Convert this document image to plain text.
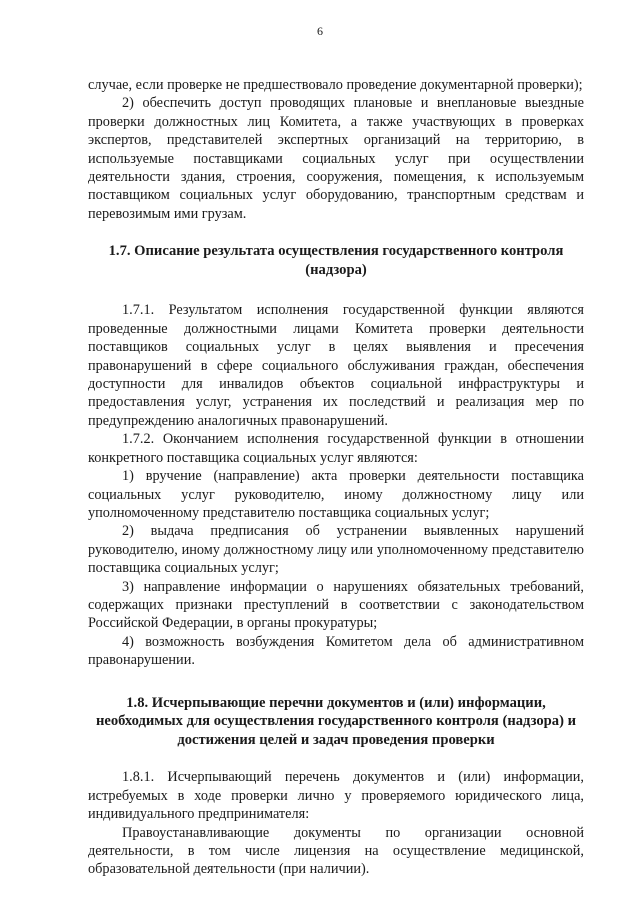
6

случае, если проверке не предшествовало проведение документарной проверки);

2) обеспечить доступ проводящих плановые и внеплановые выездные проверки должностных лиц Комитета, а также участвующих в проверках экспертов, представителей экспертных организаций на территорию, в используемые поставщиками социальных услуг при осуществлении деятельности здания, строения, сооружения, помещения, к используемым поставщиком социальных услуг оборудованию, транспортным средствам и перевозимым ими грузам.

1.7. Описание результата осуществления государственного контроля (надзора)

1.7.1. Результатом исполнения государственной функции являются проведенные должностными лицами Комитета проверки деятельности поставщиков социальных услуг в целях выявления и пресечения правонарушений в сфере социального обслуживания граждан, обеспечения доступности для инвалидов объектов социальной инфраструктуры и предоставления услуг, устранения их последствий и реализация мер по предупреждению аналогичных правонарушений.

1.7.2. Окончанием исполнения государственной функции в отношении конкретного поставщика социальных услуг являются:

1) вручение (направление) акта проверки деятельности поставщика социальных услуг руководителю, иному должностному лицу или уполномоченному представителю поставщика социальных услуг;

2) выдача предписания об устранении выявленных нарушений руководителю, иному должностному лицу или уполномоченному представителю поставщика социальных услуг;

3) направление информации о нарушениях обязательных требований, содержащих признаки преступлений в соответствии с законодательством Российской Федерации, в органы прокуратуры;

4) возможность возбуждения Комитетом дела об административном правонарушении.

1.8. Исчерпывающие перечни документов и (или) информации, необходимых для осуществления государственного контроля (надзора) и достижения целей и задач проведения проверки

1.8.1. Исчерпывающий перечень документов и (или) информации, истребуемых в ходе проверки лично у проверяемого юридического лица, индивидуального предпринимателя:

Правоустанавливающие документы по организации основной деятельности, в том числе лицензия на осуществление медицинской, образовательной деятельности (при наличии).
